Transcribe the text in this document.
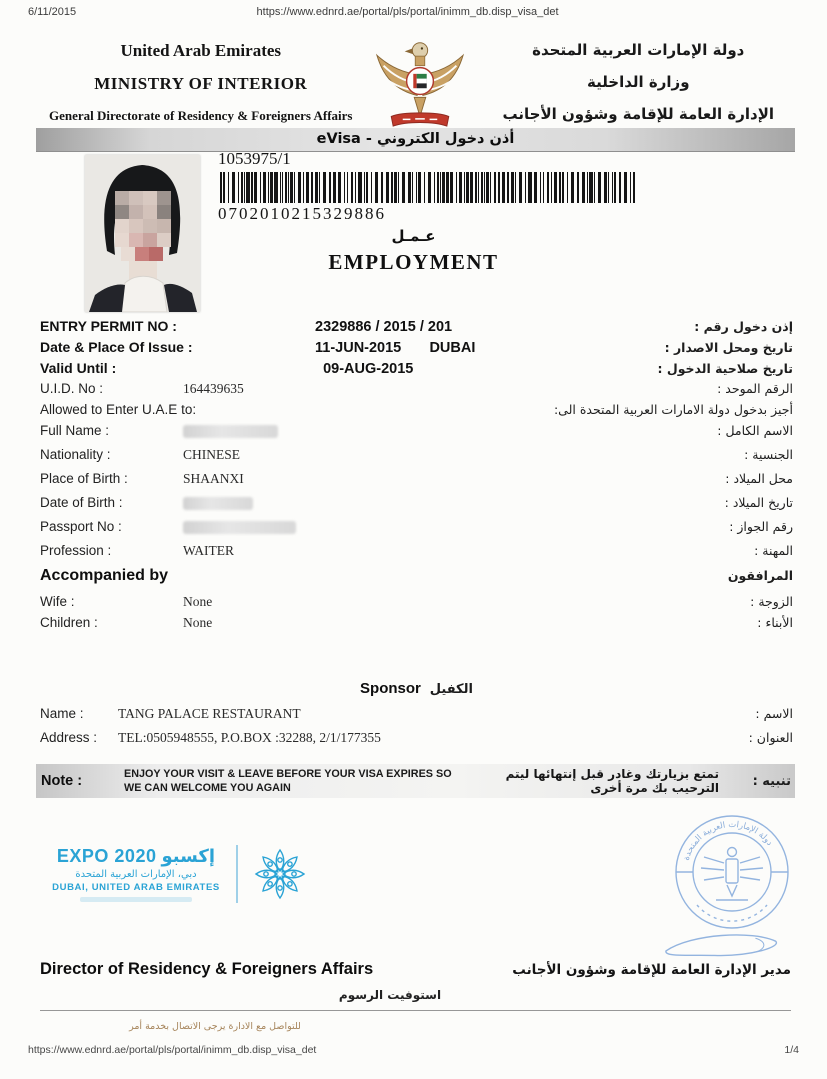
6/11/2015	https://www.ednrd.ae/portal/pls/portal/inimm_db.disp_visa_det
United Arab Emirates
MINISTRY OF INTERIOR
General Directorate of Residency & Foreigners Affairs
دولة الإمارات العربية المتحدة
وزارة الداخلية
الإدارة العامة للإقامة وشؤون الأجانب
أذن دخول الكتروني - eVisa
1053975/1
0702010215329886
عـمـل
EMPLOYMENT
ENTRY PERMIT NO :	2329886 / 2015 / 201	إذن دخول رقم :
Date & Place Of Issue :	11-JUN-2015       DUBAI	تاريخ ومحل الاصدار :
Valid Until :	09-AUG-2015	تاريخ صلاحية الدخول :
U.I.D. No :	164439635	الرقم الموحد :
Allowed to Enter U.A.E to:	أجيز بدخول دولة الامارات العربية المتحدة الى:
Full Name :	الاسم الكامل :
Nationality :	CHINESE	الجنسية :
Place of Birth :	SHAANXI	محل الميلاد :
Date of Birth :	تاريخ الميلاد :
Passport No :	رقم الجواز :
Profession :	WAITER	المهنة :
Accompanied by	المرافقون
Wife :	None	الزوجة :
Children :	None	الأبناء :
الكفيل  Sponsor
Name :	TANG PALACE RESTAURANT	الاسم :
Address :	TEL:0505948555, P.O.BOX :32288, 2/1/177355	العنوان :
Note :	ENJOY YOUR VISIT & LEAVE BEFORE YOUR VISA EXPIRES SO WE CAN WELCOME YOU AGAIN
تمتع بزيارتك وغادر قبل إنتهائها ليتم الترحيب بك مرة أخرى	تنبيه :
إكسبو EXPO 2020
دبي، الإمارات العربية المتحدة
DUBAI, UNITED ARAB EMIRATES
دولة الإمارات العربية المتحدة
Director of Residency & Foreigners Affairs	مدير الإدارة العامة للإقامة وشؤون الأجانب
استوفيت الرسوم
للتواصل مع الادارة يرجى الاتصال بخدمة أمر
https://www.ednrd.ae/portal/pls/portal/inimm_db.disp_visa_det	1/4
